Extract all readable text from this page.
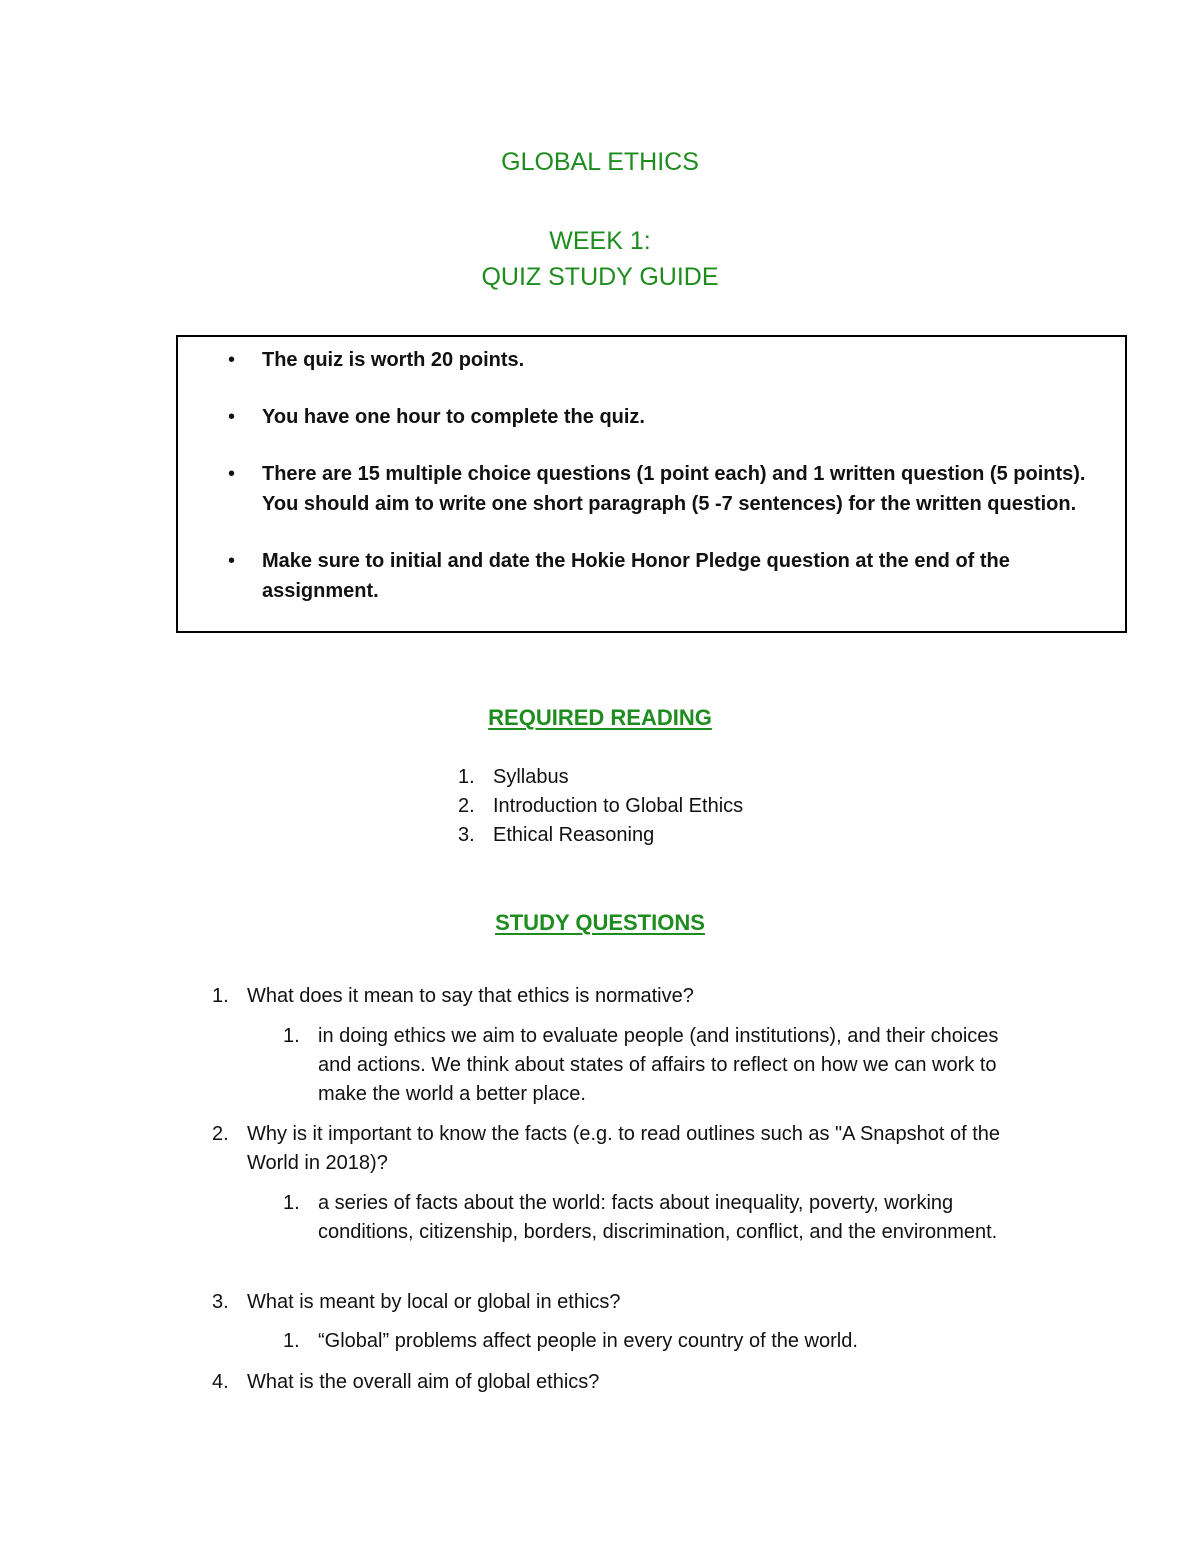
GLOBAL ETHICS
WEEK 1:
QUIZ STUDY GUIDE
• The quiz is worth 20 points.
• You have one hour to complete the quiz.
• There are 15 multiple choice questions (1 point each) and 1 written question (5 points). You should aim to write one short paragraph (5 -7 sentences) for the written question.
• Make sure to initial and date the Hokie Honor Pledge question at the end of the assignment.
REQUIRED READING
1. Syllabus
2. Introduction to Global Ethics
3. Ethical Reasoning
STUDY QUESTIONS
1. What does it mean to say that ethics is normative?
1. in doing ethics we aim to evaluate people (and institutions), and their choices and actions. We think about states of affairs to reflect on how we can work to make the world a better place.
2. Why is it important to know the facts (e.g. to read outlines such as "A Snapshot of the World in 2018)?
1. a series of facts about the world: facts about inequality, poverty, working conditions, citizenship, borders, discrimination, conflict, and the environment.
3. What is meant by local or global in ethics?
1. “Global” problems affect people in every country of the world.
4. What is the overall aim of global ethics?
